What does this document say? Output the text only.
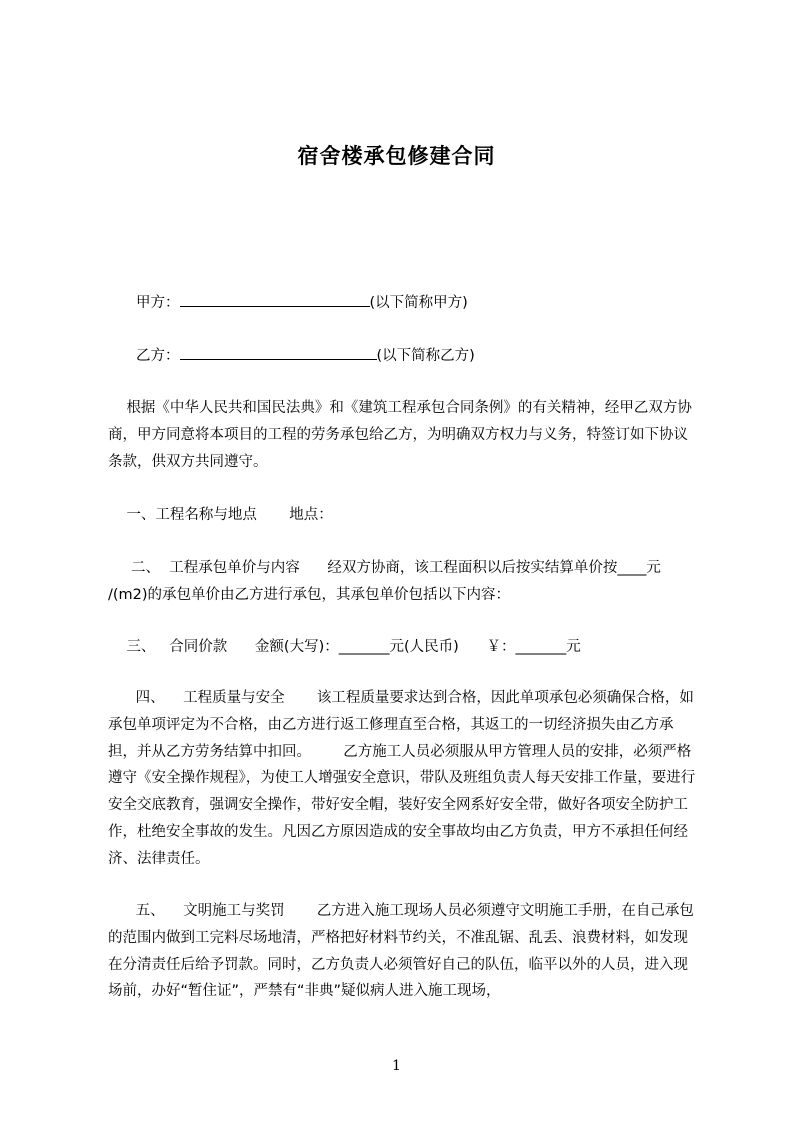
宿舍楼承包修建合同
甲方：	(以下简称甲方)
乙方：	(以下简称乙方)
根据《中华人民共和国民法典》和《建筑工程承包合同条例》的有关精神，经甲乙双方协商，甲方同意将本项目的工程的劳务承包给乙方，为明确双方权力与义务，特签订如下协议条款，供双方共同遵守。
一、工程名称与地点       地点：
二、  工程承包单价与内容      经双方协商，该工程面积以后按实结算单价按____元 /(m2)的承包单价由乙方进行承包，其承包单价包括以下内容：
三、   合同价款      金额(大写)：_______元(人民币)      ￥：_______元
四、    工程质量与安全       该工程质量要求达到合格，因此单项承包必须确保合格，如承包单项评定为不合格，由乙方进行返工修理直至合格，其返工的一切经济损失由乙方承担，并从乙方劳务结算中扣回。       乙方施工人员必须服从甲方管理人员的安排，必须严格遵守《安全操作规程》，为使工人增强安全意识，带队及班组负责人每天安排工作量，要进行安全交底教育，强调安全操作，带好安全帽，装好安全网系好安全带，做好各项安全防护工作，杜绝安全事故的发生。凡因乙方原因造成的安全事故均由乙方负责，甲方不承担任何经济、法律责任。
五、    文明施工与奖罚       乙方进入施工现场人员必须遵守文明施工手册，在自己承包的范围内做到工完料尽场地清，严格把好材料节约关，不准乱锯、乱丢、浪费材料，如发现在分清责任后给予罚款。同时，乙方负责人必须管好自己的队伍，临平以外的人员，进入现场前，办好“暂住证”，严禁有“非典”疑似病人进入施工现场，
1
